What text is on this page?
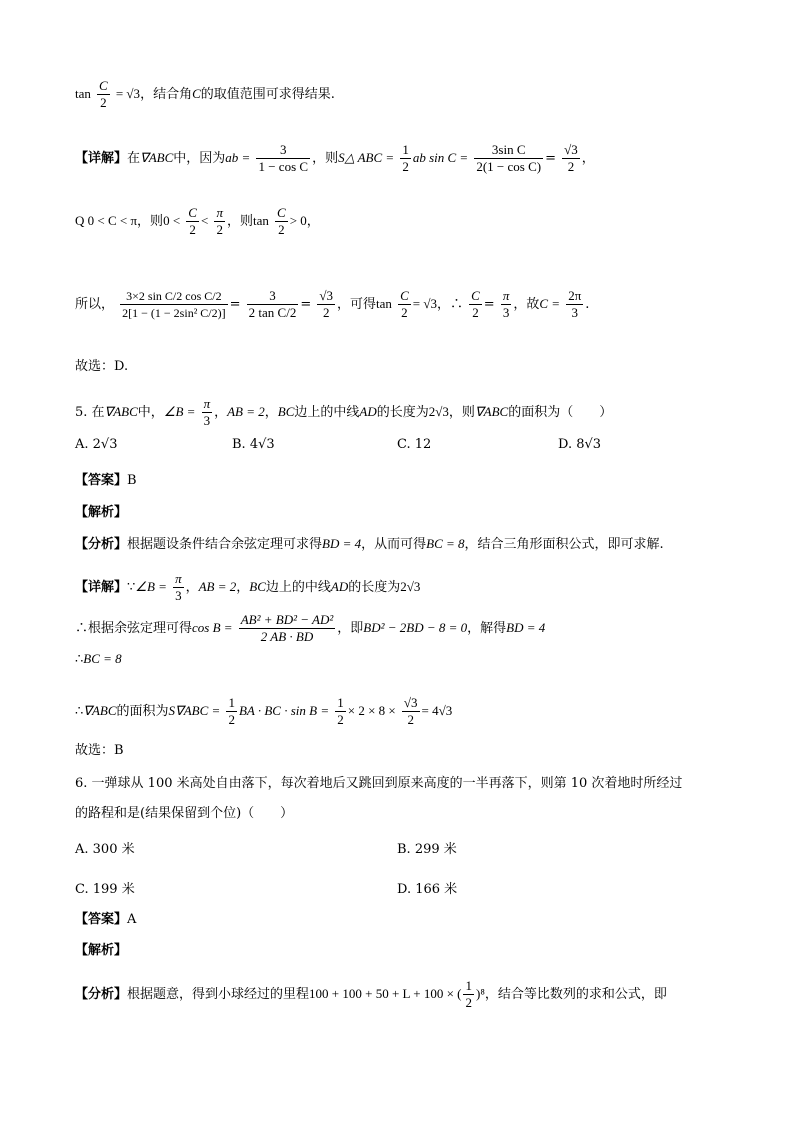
$\tan \frac{C}{2} = √3$，结合角C的取值范围可求得结果.
【详解】在∇ABC中，因为ab = $\frac{3}{\text{1 − cos C}}$ ，则S△ ABC = $\frac{1}{2}$ ab $\sin C = \frac{\text{3sin C}}{\text{2(1 − cos C)}} = \frac{√3}{2}$ ，
Q 0 < C < π，则$0 < \frac{C}{2} < \frac{\pi}{2}$ ，则$\tan \frac{C}{2} > 0$，
所以， $\frac{\text{3×2 sin C/2 cos C/2}}{\text{2[1 − (1 − 2sin² C/2)]}} = \frac{3}{\text{2 tan C/2}} = \frac{√3}{2}$ ，可得$\tan \frac{C}{2} = √3$，∴ $\frac{C}{2} = \frac{\pi}{3}$ ，故$C = \frac{2\pi}{3}$ .
故选：D.
5. 在∇ABC中，∠B = $\frac{\pi}{3}$ ，AB = 2，BC边上的中线AD的长度为2√3，则∇ABC的面积为（　　）
A. 2√3	B. 4√3	C. 12	D. 8√3
【答案】B
【解析】
【分析】根据题设条件结合余弦定理可求得BD = 4，从而可得BC = 8，结合三角形面积公式，即可求解.
【详解】∵∠B = $\frac{\pi}{3}$ ，AB = 2，BC边上的中线AD的长度为2√3
∴根据余弦定理可得$\cos B = \frac{\text{AB² + BD² − AD²}}{2 AB \cdot BD}$ ，即BD² − 2BD − 8 = 0，解得BD = 4
∴BC = 8
∴∇ABC的面积为$S\nabla ABC = \frac{1}{2}$ BA · BC · $\sin B = \frac{1}{2} \times 2 \times 8 \times \frac{√3}{2} = 4√3$
故选：B
6. 一弹球从 100 米高处自由落下，每次着地后又跳回到原来高度的一半再落下，则第 10 次着地时所经过
的路程和是(结果保留到个位)（　　）
A. 300 米	B. 299 米
C. 199 米	D. 166 米
【答案】A
【解析】
【分析】根据题意，得到小球经过的里程100 + 100 + 50 + L + 100 × ( $\frac{1}{2} )^8$，结合等比数列的求和公式，即
